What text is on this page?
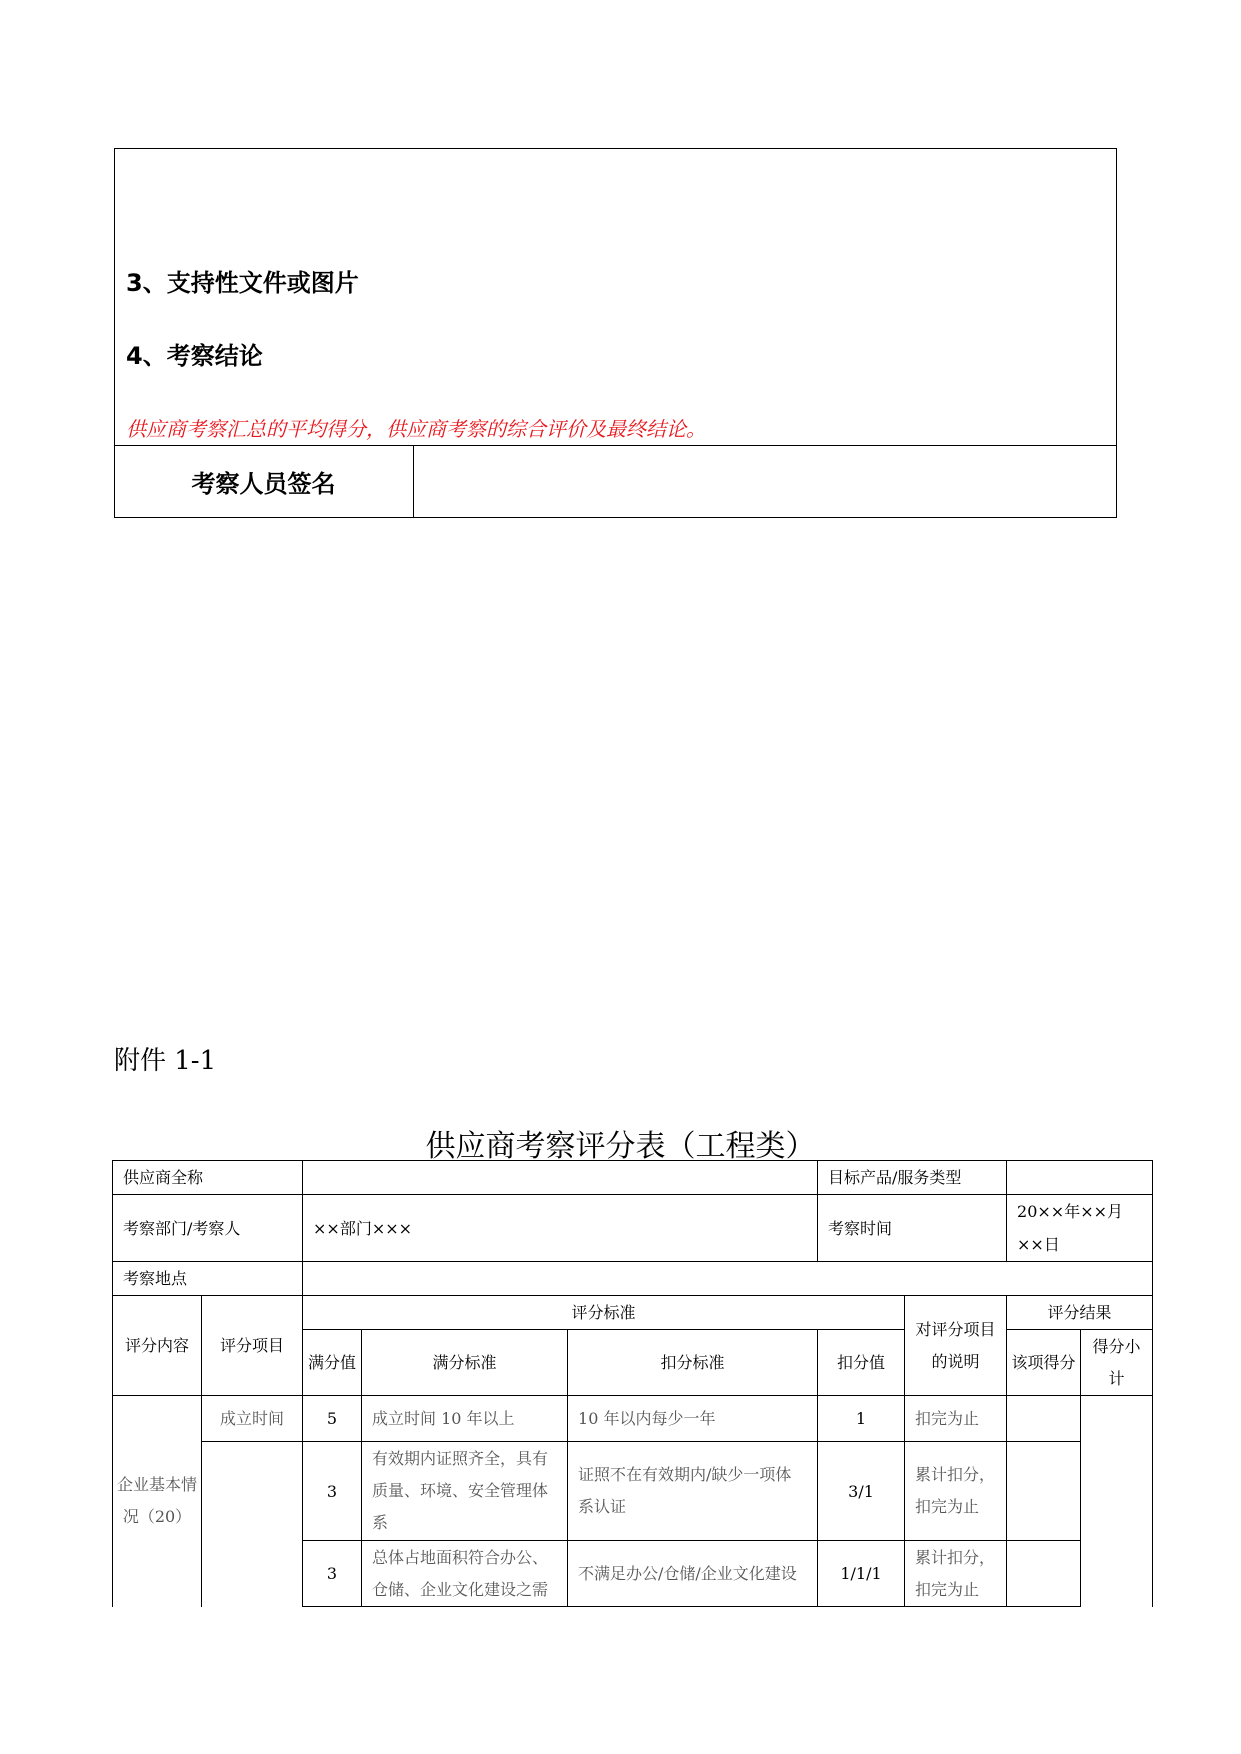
3、支持性文件或图片
4、考察结论
供应商考察汇总的平均得分，供应商考察的综合评价及最终结论。
考察人员签名
附件 1-1
供应商考察评分表（工程类）
供应商全称					目标产品/服务类型			
考察部门/考察人		××部门×××			考察时间		20××年××月××日	
考察地点								
评分内容	评分项目	评分标准				对评分项目的说明	评分结果	
		满分值	满分标准	扣分标准	扣分值		该项得分	得分小计
企业基本情况（20）	成立时间	5	成立时间 10 年以上	10 年以内每少一年	1	扣完为止		
		3	有效期内证照齐全，具有质量、环境、安全管理体系	证照不在有效期内/缺少一项体系认证	3/1	累计扣分，扣完为止		
		3	总体占地面积符合办公、仓储、企业文化建设之需	不满足办公/仓储/企业文化建设	1/1/1	累计扣分，扣完为止		
